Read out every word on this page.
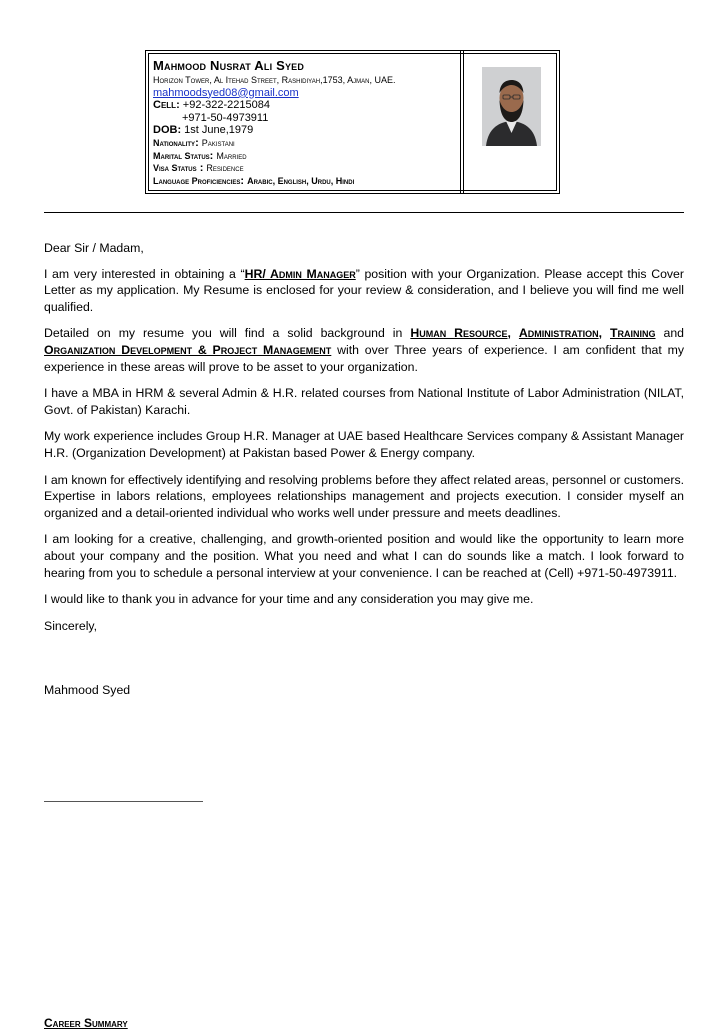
Mahmood Nusrat Ali Syed
Horizon Tower, Al Itehad Street, Rashidiyah,1753, Ajman, UAE.
mahmoodsyed08@gmail.com
Cell: +92-322-2215084
+971-50-4973911
DOB: 1st June,1979
Nationality: Pakistani
Marital Status: Married
Visa Status : Residence
Language Proficiencies: Arabic, English, Urdu, Hindi

Dear Sir / Madam,

I am very interested in obtaining a “HR/ Admin Manager” position with your Organization. Please accept this Cover Letter as my application. My Resume is enclosed for your review & consideration, and I believe you will find me well qualified.

Detailed on my resume you will find a solid background in Human Resource, Administration, Training and Organization Development & Project Management with over Three years of experience. I am confident that my experience in these areas will prove to be asset to your organization.

I have a MBA in HRM & several Admin & H.R. related courses from National Institute of Labor Administration (NILAT, Govt. of Pakistan) Karachi.

My work experience includes Group H.R. Manager at UAE based Healthcare Services company & Assistant Manager H.R. (Organization Development) at Pakistan based Power & Energy company.

I am known for effectively identifying and resolving problems before they affect related areas, personnel or customers. Expertise in labors relations, employees relationships management and projects execution. I consider myself an organized and a detail-oriented individual who works well under pressure and meets deadlines.

I am looking for a creative, challenging, and growth-oriented position and would like the opportunity to learn more about your company and the position. What you need and what I can do sounds like a match. I look forward to hearing from you to schedule a personal interview at your convenience. I can be reached at (Cell) +971-50-4973911.

I would like to thank you in advance for your time and any consideration you may give me.

Sincerely,

Mahmood Syed

Career Summary
